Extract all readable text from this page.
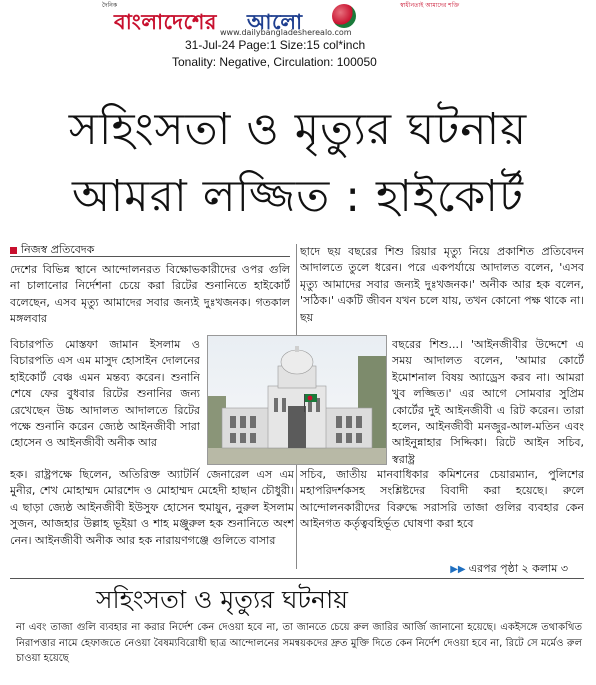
দৈনিক
বাংলাদেশের আলো
স্বাধীনতাই আমাদের শক্তি
www.dailybangladesherealo.com
31-Jul-24 Page:1 Size:15 col*inch
Tonality: Negative, Circulation: 100050
সহিংসতা ও মৃত্যুর ঘটনায়
আমরা লজ্জিত : হাইকোর্ট
নিজস্ব প্রতিবেদক

দেশের বিভিন্ন স্থানে আন্দোলনরত বিক্ষোভকারীদের ওপর গুলি না চালানোর নির্দেশনা চেয়ে করা রিটের শুনানিতে হাইকোর্ট বলেছেন, এসব মৃত্যু আমাদের সবার জন্যই দুঃখজনক। গতকাল মঙ্গলবার

বিচারপতি মোস্তফা জামান ইসলাম ও বিচারপতি এস এম মাসুদ হোসাইন দোলনের হাইকোর্ট বেঞ্চ এমন মন্তব্য করেন। শুনানি শেষে ফের বুধবার রিটের শুনানির জন্য রেখেছেন উচ্চ আদালত আদালতে রিটের পক্ষে শুনানি করেন জ্যেষ্ঠ আইনজীবী সারা হোসেন ও আইনজীবী অনীক আর

হক। রাষ্ট্রপক্ষে ছিলেন, অতিরিক্ত অ্যাটর্নি জেনারেল এস এম মুনীর, শেখ মোহাম্মদ মোরশেদ ও মোহাম্মদ মেহেদী হাছান চৌধুরী। এ ছাড়া জ্যেষ্ঠ আইনজীবী ইউসুফ হোসেন হুমায়ুন, নুরুল ইসলাম সুজন, আজহার উল্লাহ ভূইয়া ও শাহ মঞ্জুরুল হক শুনানিতে অংশ নেন। আইনজীবী অনীক আর হক নারায়ণগঞ্জে গুলিতে বাসার

ছাদে ছয় বছরের শিশু রিয়ার মৃত্যু নিয়ে প্রকাশিত প্রতিবেদন আদালতে তুলে ধরেন। পরে একপর্যায়ে আদালত বলেন, 'এসব মৃত্যু আমাদের সবার জন্যই দুঃখজনক।' অনীক আর হক বলেন, 'সঠিক।' একটি জীবন যখন চলে যায়, তখন কোনো পক্ষ থাকে না। ছয়

বছরের শিশু...। 'আইনজীবীর উদ্দেশে এ সময় আদালত বলেন, 'আমার কোর্টে ইমোশনাল বিষয় অ্যাড্রেস করব না। আমরা খুব লজ্জিত।' এর আগে সোমবার সুপ্রিম কোর্টের দুই আইনজীবী এ রিট করেন। তারা হলেন, আইনজীবী মনজুর-আল-মতিন এবং আইনুন্নাহার সিদ্দিকা। রিটে আইন সচিব, স্বরাষ্ট্র

সচিব, জাতীয় মানবাধিকার কমিশনের চেয়ারম্যান, পুলিশের মহাপরিদর্শকসহ সংশ্লিষ্টদের বিবাদী করা হয়েছে। রুলে আন্দোলনকারীদের বিরুদ্ধে সরাসরি তাজা গুলির ব্যবহার কেন আইনগত কর্তৃত্ববহির্ভূত ঘোষণা করা হবে

▶▶ এরপর পৃষ্ঠা ২ কলাম ৩
সহিংসতা ও মৃত্যুর ঘটনায়
না এবং তাজা গুলি ব্যবহার না করার নির্দেশ কেন দেওয়া হবে না, তা জানতে চেয়ে রুল জারির আর্জি জানানো হয়েছে। একইসঙ্গে তথাকথিত নিরাপত্তার নামে হেফাজতে নেওয়া বৈষম্যবিরোধী ছাত্র আন্দোলনের সমন্বয়কদের দ্রুত মুক্তি দিতে কেন নির্দেশ দেওয়া হবে না, রিটে সে মর্মেও রুল চাওয়া হয়েছে
